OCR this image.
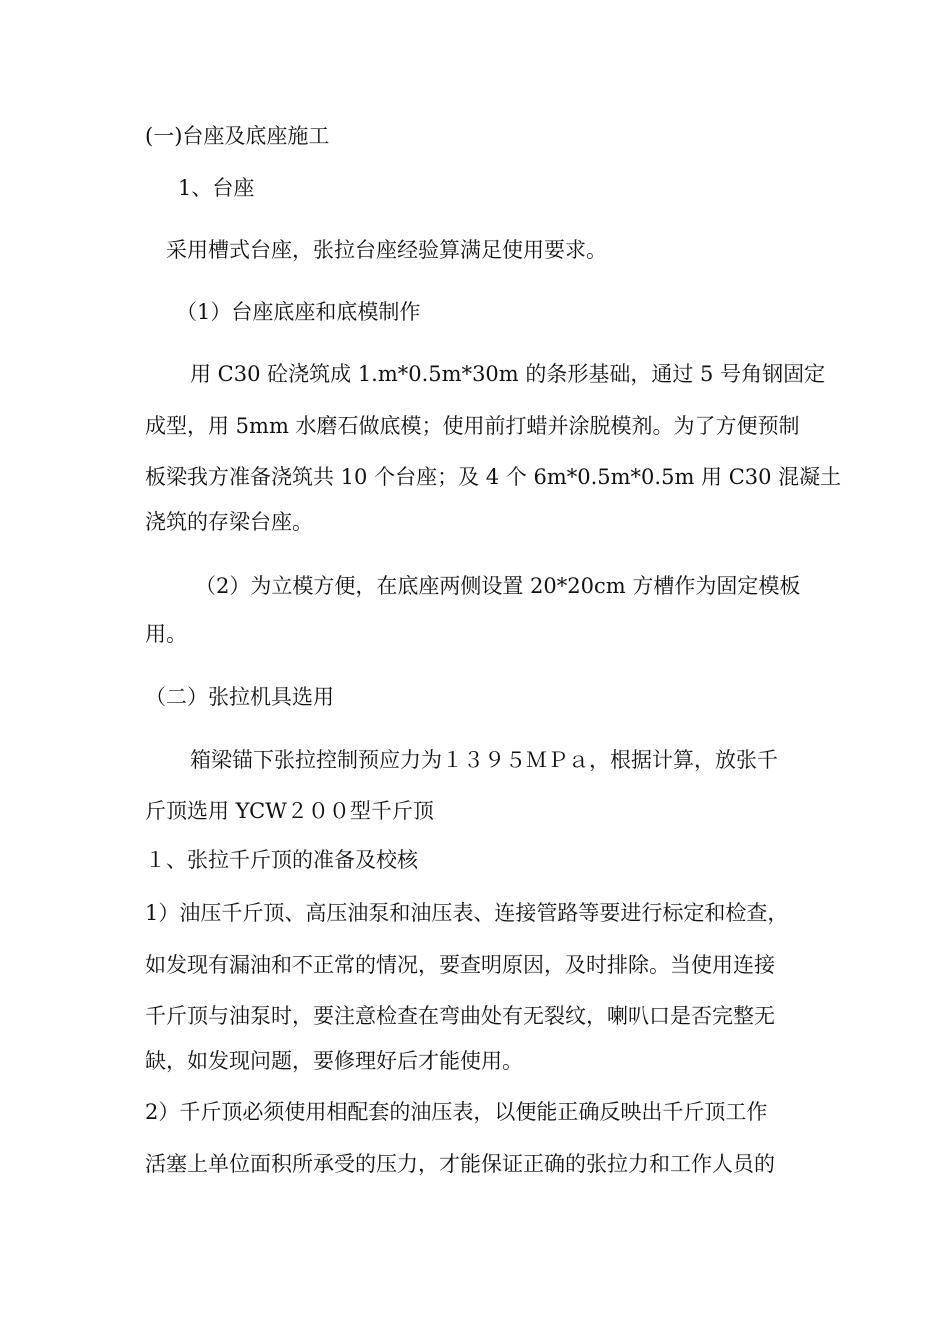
(一)台座及底座施工
1、台座
采用槽式台座，张拉台座经验算满足使用要求。
（1）台座底座和底模制作
用 C30 砼浇筑成 1.m*0.5m*30m 的条形基础，通过 5 号角钢固定
成型，用 5mm 水磨石做底模；使用前打蜡并涂脱模剂。为了方便预制
板梁我方准备浇筑共 10 个台座；及 4 个 6m*0.5m*0.5m 用 C30 混凝土
浇筑的存梁台座。
（2）为立模方便，在底座两侧设置 20*20cm 方槽作为固定模板
用。
（二）张拉机具选用
箱梁锚下张拉控制预应力为１３９５ＭＰａ，根据计算，放张千
斤顶选用 YCW２００型千斤顶
１、张拉千斤顶的准备及校核
1）油压千斤顶、高压油泵和油压表、连接管路等要进行标定和检查，
如发现有漏油和不正常的情况，要查明原因，及时排除。当使用连接
千斤顶与油泵时，要注意检查在弯曲处有无裂纹，喇叭口是否完整无
缺，如发现问题，要修理好后才能使用。
2）千斤顶必须使用相配套的油压表，以便能正确反映出千斤顶工作
活塞上单位面积所承受的压力，才能保证正确的张拉力和工作人员的
